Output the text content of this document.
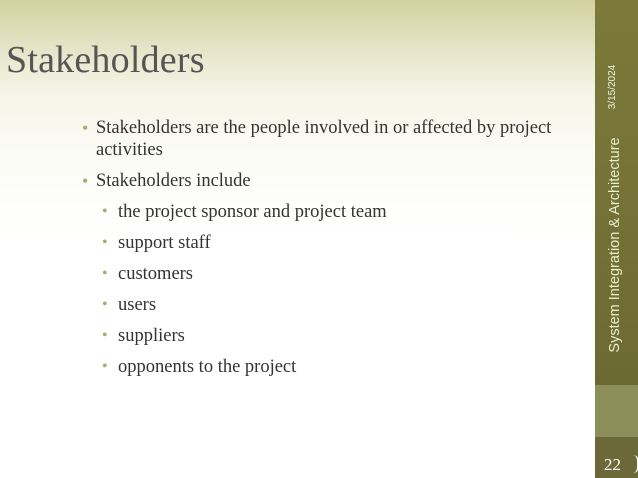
Stakeholders
• Stakeholders are the people involved in or affected by project activities
• Stakeholders include
• the project sponsor and project team
• support staff
• customers
• users
• suppliers
• opponents to the project
3/15/2024
System Integration & Architecture
22
